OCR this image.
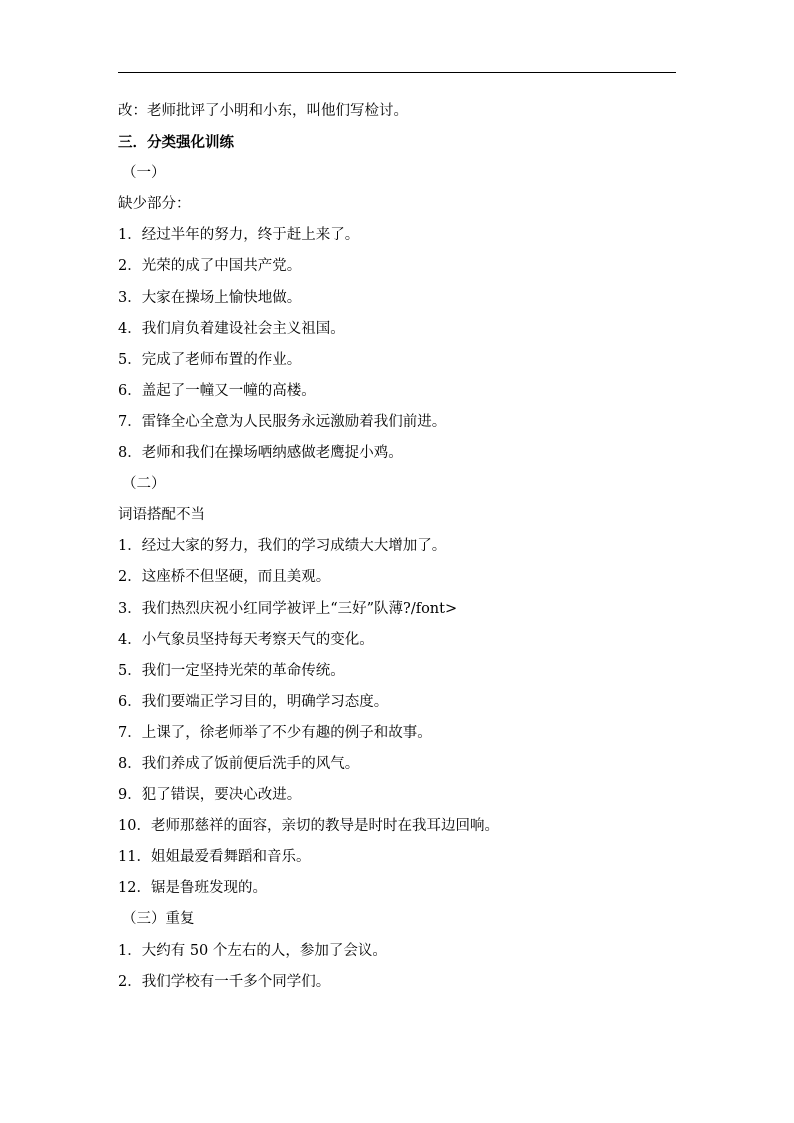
改：老师批评了小明和小东，叫他们写检讨。
三．分类强化训练
（一）
缺少部分：
1．经过半年的努力，终于赶上来了。
2．光荣的成了中国共产党。
3．大家在操场上愉快地做。
4．我们肩负着建设社会主义祖国。
5．完成了老师布置的作业。
6．盖起了一幢又一幢的高楼。
7．雷锋全心全意为人民服务永远激励着我们前进。
8．老师和我们在操场哂纳感做老鹰捉小鸡。
（二）
词语搭配不当
1．经过大家的努力，我们的学习成绩大大增加了。
2．这座桥不但坚硬，而且美观。
3．我们热烈庆祝小红同学被评上“三好”队薄?/font>
4．小气象员坚持每天考察天气的变化。
5．我们一定坚持光荣的革命传统。
6．我们要端正学习目的，明确学习态度。
7．上课了，徐老师举了不少有趣的例子和故事。
8．我们养成了饭前便后洗手的风气。
9．犯了错误，要决心改进。
10．老师那慈祥的面容，亲切的教导是时时在我耳边回响。
11．姐姐最爱看舞蹈和音乐。
12．锯是鲁班发现的。
（三）重复
1．大约有 50 个左右的人，参加了会议。
2．我们学校有一千多个同学们。
